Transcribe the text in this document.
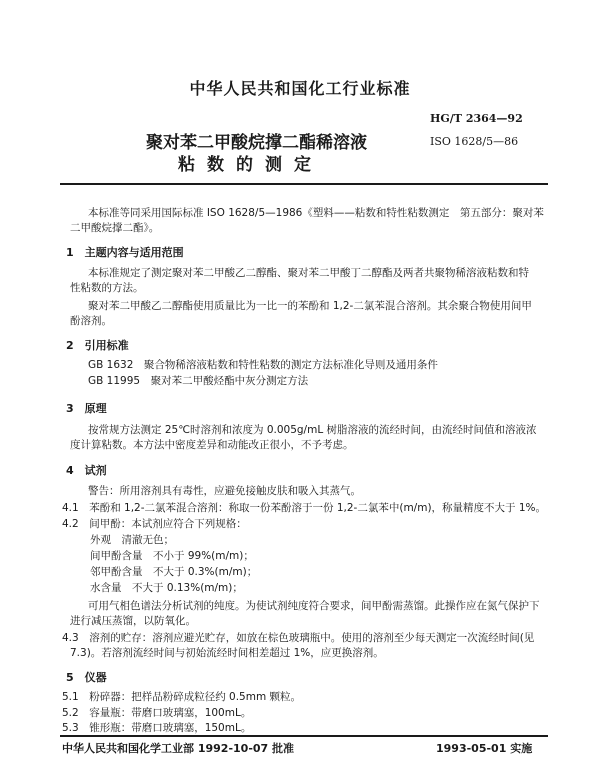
中华人民共和国化工行业标准
HG/T 2364—92
聚对苯二甲酸烷撑二酯稀溶液	ISO 1628/5—86
粘数的测定
本标准等同采用国际标准 ISO 1628/5—1986《塑料——粘数和特性粘数测定　第五部分：聚对苯
二甲酸烷撑二酯》。
1　主题内容与适用范围
本标准规定了测定聚对苯二甲酸乙二醇酯、聚对苯二甲酸丁二醇酯及两者共聚物稀溶液粘数和特
性粘数的方法。
聚对苯二甲酸乙二醇酯使用质量比为一比一的苯酚和 1,2-二氯苯混合溶剂。其余聚合物使用间甲
酚溶剂。
2　引用标准
GB 1632　聚合物稀溶液粘数和特性粘数的测定方法标准化导则及通用条件
GB 11995　聚对苯二甲酸烃酯中灰分测定方法
3　原理
按常规方法测定 25℃时溶剂和浓度为 0.005g/mL 树脂溶液的流经时间，由流经时间值和溶液浓
度计算粘数。本方法中密度差异和动能改正很小，不予考虑。
4　试剂
警告：所用溶剂具有毒性，应避免接触皮肤和吸入其蒸气。
4.1　苯酚和 1,2-二氯苯混合溶剂：称取一份苯酚溶于一份 1,2-二氯苯中(m/m)，称量精度不大于 1%。
4.2　间甲酚：本试剂应符合下列规格：
外观　清澈无色；
间甲酚含量　不小于 99%(m/m)；
邻甲酚含量　不大于 0.3%(m/m)；
水含量　不大于 0.13%(m/m)；
可用气相色谱法分析试剂的纯度。为使试剂纯度符合要求，间甲酚需蒸馏。此操作应在氮气保护下
进行减压蒸馏，以防氧化。
4.3　溶剂的贮存：溶剂应避光贮存，如放在棕色玻璃瓶中。使用的溶剂至少每天测定一次流经时间(见
7.3)。若溶剂流经时间与初始流经时间相差超过 1%，应更换溶剂。
5　仪器
5.1　粉碎器：把样品粉碎成粒径约 0.5mm 颗粒。
5.2　容量瓶：带磨口玻璃塞，100mL。
5.3　锥形瓶：带磨口玻璃塞，150mL。
中华人民共和国化学工业部 1992-10-07 批准	1993-05-01 实施
